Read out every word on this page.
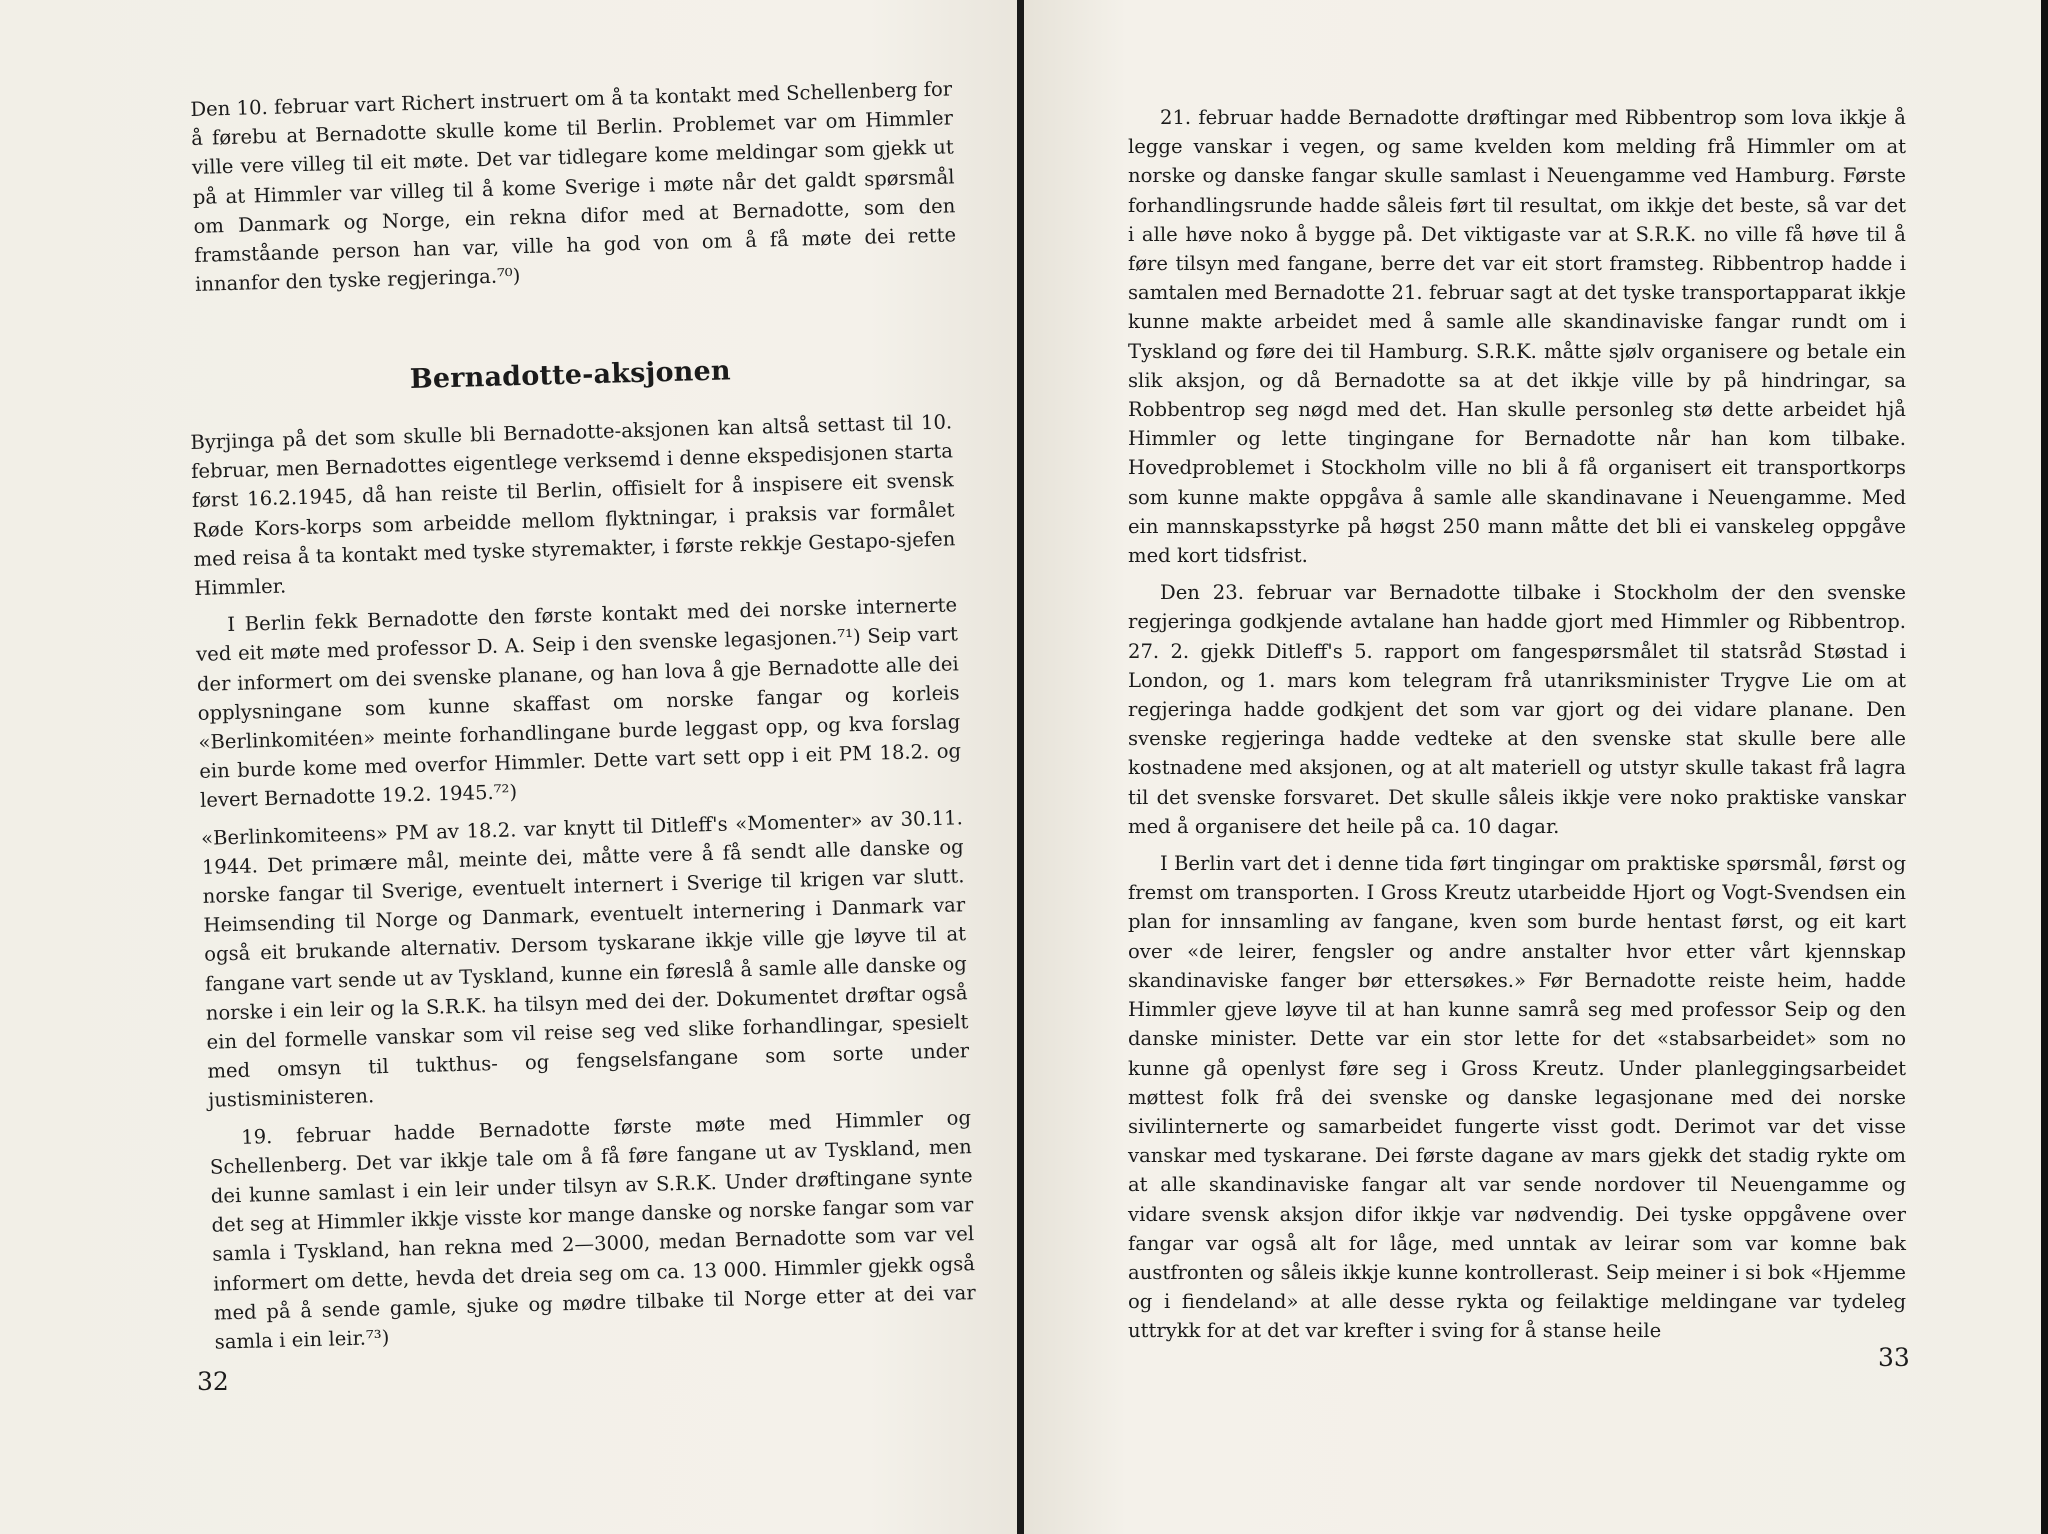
Den 10. februar vart Richert instruert om å ta kontakt med Schellenberg for å førebu at Bernadotte skulle kome til Berlin. Problemet var om Himmler ville vere villeg til eit møte. Det var tidlegare kome meldingar som gjekk ut på at Himmler var villeg til å kome Sverige i møte når det galdt spørsmål om Danmark og Norge, ein rekna difor med at Bernadotte, som den framståande person han var, ville ha god von om å få møte dei rette innanfor den tyske regjeringa.⁷⁰)

Bernadotte-aksjonen

Byrjinga på det som skulle bli Bernadotte-aksjonen kan altså settast til 10. februar, men Bernadottes eigentlege verksemd i denne ekspedisjonen starta først 16.2.1945, då han reiste til Berlin, offisielt for å inspisere eit svensk Røde Kors-korps som arbeidde mellom flyktningar, i praksis var formålet med reisa å ta kontakt med tyske styremakter, i første rekkje Gestapo-sjefen Himmler.

I Berlin fekk Bernadotte den første kontakt med dei norske internerte ved eit møte med professor D. A. Seip i den svenske legasjonen.⁷¹) Seip vart der informert om dei svenske planane, og han lova å gje Bernadotte alle dei opplysningane som kunne skaffast om norske fangar og korleis «Berlinkomitéen» meinte forhandlingane burde leggast opp, og kva forslag ein burde kome med overfor Himmler. Dette vart sett opp i eit PM 18.2. og levert Bernadotte 19.2. 1945.⁷²)

«Berlinkomiteens» PM av 18.2. var knytt til Ditleff's «Momenter» av 30.11. 1944. Det primære mål, meinte dei, måtte vere å få sendt alle danske og norske fangar til Sverige, eventuelt internert i Sverige til krigen var slutt. Heimsending til Norge og Danmark, eventuelt internering i Danmark var også eit brukande alternativ. Dersom tyskarane ikkje ville gje løyve til at fangane vart sende ut av Tyskland, kunne ein føreslå å samle alle danske og norske i ein leir og la S.R.K. ha tilsyn med dei der. Dokumentet drøftar også ein del formelle vanskar som vil reise seg ved slike forhandlingar, spesielt med omsyn til tukthus- og fengselsfangane som sorte under justisministeren.

19. februar hadde Bernadotte første møte med Himmler og Schellenberg. Det var ikkje tale om å få føre fangane ut av Tyskland, men dei kunne samlast i ein leir under tilsyn av S.R.K. Under drøftingane synte det seg at Himmler ikkje visste kor mange danske og norske fangar som var samla i Tyskland, han rekna med 2—3000, medan Bernadotte som var vel informert om dette, hevda det dreia seg om ca. 13 000. Himmler gjekk også med på å sende gamle, sjuke og mødre tilbake til Norge etter at dei var samla i ein leir.⁷³)

32

21. februar hadde Bernadotte drøftingar med Ribbentrop som lova ikkje å legge vanskar i vegen, og same kvelden kom melding frå Himmler om at norske og danske fangar skulle samlast i Neuengamme ved Hamburg. Første forhandlingsrunde hadde såleis ført til resultat, om ikkje det beste, så var det i alle høve noko å bygge på. Det viktigaste var at S.R.K. no ville få høve til å føre tilsyn med fangane, berre det var eit stort framsteg. Ribbentrop hadde i samtalen med Bernadotte 21. februar sagt at det tyske transportapparat ikkje kunne makte arbeidet med å samle alle skandinaviske fangar rundt om i Tyskland og føre dei til Hamburg. S.R.K. måtte sjølv organisere og betale ein slik aksjon, og då Bernadotte sa at det ikkje ville by på hindringar, sa Robbentrop seg nøgd med det. Han skulle personleg stø dette arbeidet hjå Himmler og lette tingingane for Bernadotte når han kom tilbake. Hovedproblemet i Stockholm ville no bli å få organisert eit transportkorps som kunne makte oppgåva å samle alle skandinavane i Neuengamme. Med ein mannskapsstyrke på høgst 250 mann måtte det bli ei vanskeleg oppgåve med kort tidsfrist.

Den 23. februar var Bernadotte tilbake i Stockholm der den svenske regjeringa godkjende avtalane han hadde gjort med Himmler og Ribbentrop. 27. 2. gjekk Ditleff's 5. rapport om fangespørsmålet til statsråd Støstad i London, og 1. mars kom telegram frå utanriksminister Trygve Lie om at regjeringa hadde godkjent det som var gjort og dei vidare planane. Den svenske regjeringa hadde vedteke at den svenske stat skulle bere alle kostnadene med aksjonen, og at alt materiell og utstyr skulle takast frå lagra til det svenske forsvaret. Det skulle såleis ikkje vere noko praktiske vanskar med å organisere det heile på ca. 10 dagar.

I Berlin vart det i denne tida ført tingingar om praktiske spørsmål, først og fremst om transporten. I Gross Kreutz utarbeidde Hjort og Vogt-Svendsen ein plan for innsamling av fangane, kven som burde hentast først, og eit kart over «de leirer, fengsler og andre anstalter hvor etter vårt kjennskap skandinaviske fanger bør ettersøkes.» Før Bernadotte reiste heim, hadde Himmler gjeve løyve til at han kunne samrå seg med professor Seip og den danske minister. Dette var ein stor lette for det «stabsarbeidet» som no kunne gå openlyst føre seg i Gross Kreutz. Under planleggingsarbeidet møttest folk frå dei svenske og danske legasjonane med dei norske sivilinternerte og samarbeidet fungerte visst godt. Derimot var det visse vanskar med tyskarane. Dei første dagane av mars gjekk det stadig rykte om at alle skandinaviske fangar alt var sende nordover til Neuengamme og vidare svensk aksjon difor ikkje var nødvendig. Dei tyske oppgåvene over fangar var også alt for låge, med unntak av leirar som var komne bak austfronten og såleis ikkje kunne kontrollerast. Seip meiner i si bok «Hjemme og i fiendeland» at alle desse rykta og feilaktige meldingane var tydeleg uttrykk for at det var krefter i sving for å stanse heile

33
